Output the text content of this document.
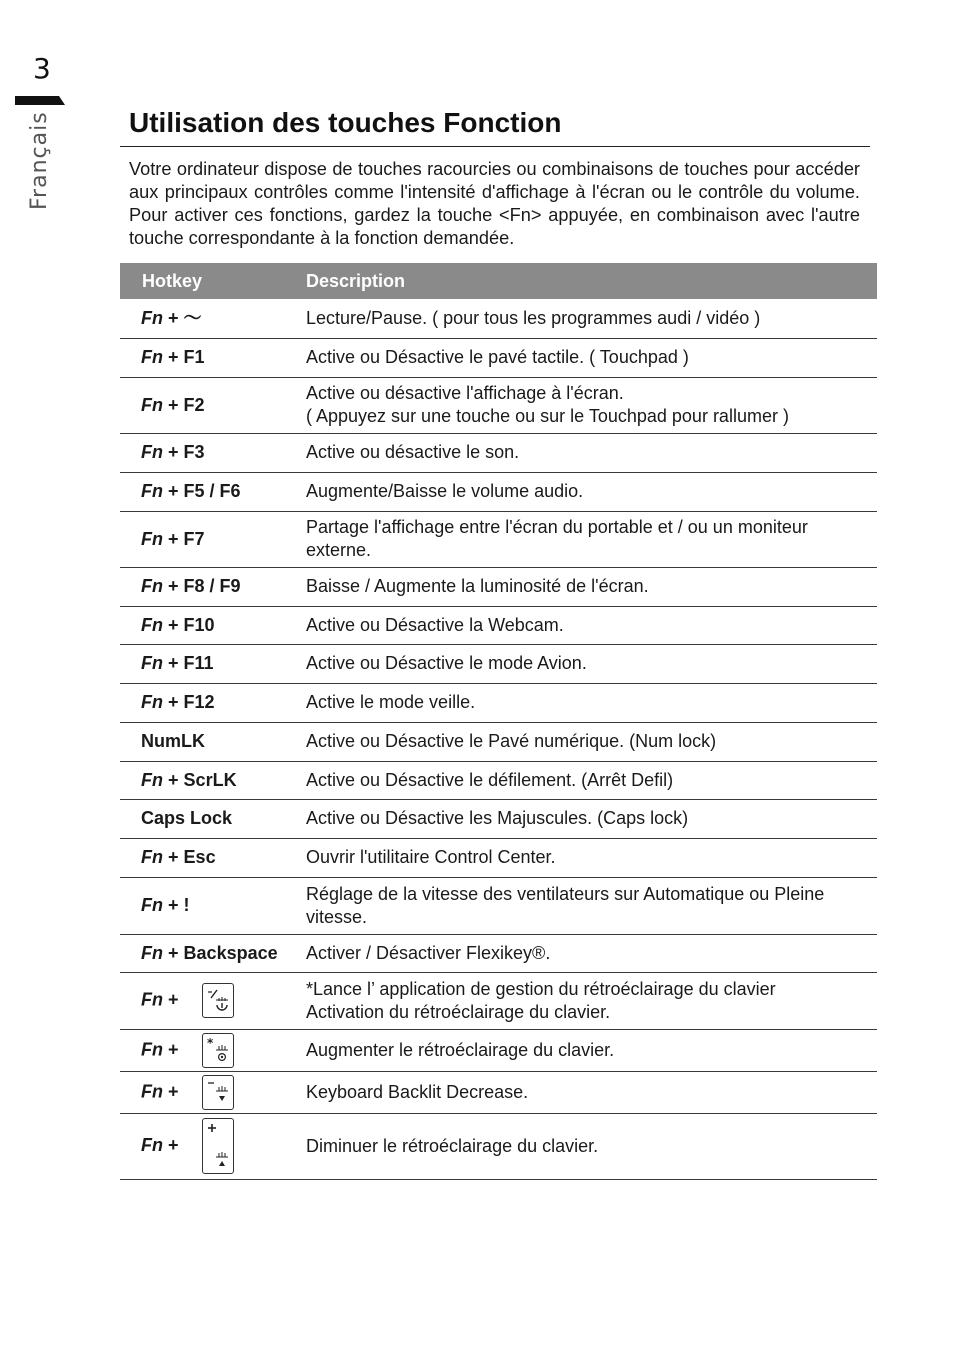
3
Français	Utilisation des touches Fonction

Votre ordinateur dispose de touches racourcies ou combinaisons de touches pour accéder aux principaux contrôles comme l'intensité d'affichage à l'écran ou le contrôle du volume. Pour activer ces fonctions, gardez la touche <Fn> appuyée, en combinaison avec l'autre touche correspondante à la fonction demandée.

Hotkey	Description
Fn + 〜	Lecture/Pause. ( pour tous les programmes audi / vidéo )

Fn + F1	Active ou Désactive le pavé tactile. ( Touchpad )

Fn + F2	Active ou désactive l'affichage à l'écran.
( Appuyez sur une touche ou sur le Touchpad pour rallumer )

Fn + F3	Active ou désactive le son.

Fn + F5 / F6	Augmente/Baisse le volume audio.

Fn + F7	Partage l'affichage entre l'écran du portable et / ou un moniteur externe.

Fn + F8 / F9	Baisse / Augmente la luminosité de l'écran.

Fn + F10	Active ou Désactive la Webcam.

Fn + F11	Active ou Désactive le mode Avion.

Fn + F12	Active le mode veille.

NumLK	Active ou Désactive le Pavé numérique. (Num lock)

Fn + ScrLK	Active ou Désactive le défilement. (Arrêt Defil)

Caps Lock	Active ou Désactive les Majuscules. (Caps lock)

Fn + Esc	Ouvrir l'utilitaire Control Center.

Fn + !	Réglage de la vitesse des ventilateurs sur Automatique ou Pleine vitesse.

Fn + Backspace	Activer / Désactiver Flexikey®.

Fn +	*Lance l’ application de gestion du rétroéclairage du clavier
Activation du rétroéclairage du clavier.

Fn + *	Augmenter le rétroéclairage du clavier.

Fn +	Keyboard Backlit Decrease.

Fn +	Diminuer le rétroéclairage du clavier.
